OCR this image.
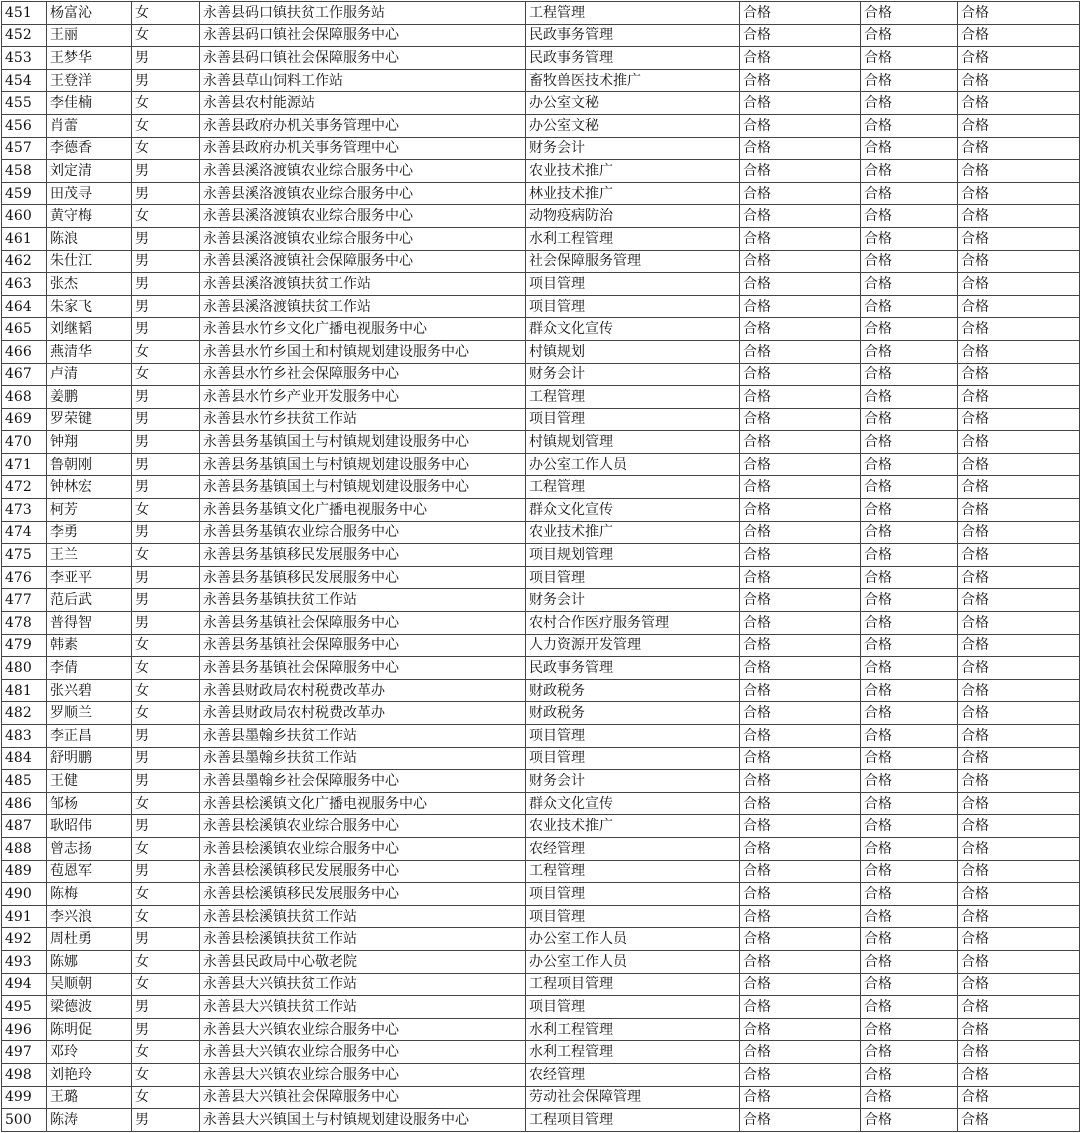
451	杨富沁	女	永善县码口镇扶贫工作服务站	工程管理	合格	合格	合格
452	王丽	女	永善县码口镇社会保障服务中心	民政事务管理	合格	合格	合格
453	王梦华	男	永善县码口镇社会保障服务中心	民政事务管理	合格	合格	合格
454	王登洋	男	永善县草山饲料工作站	畜牧兽医技术推广	合格	合格	合格
455	李佳楠	女	永善县农村能源站	办公室文秘	合格	合格	合格
456	肖蕾	女	永善县政府办机关事务管理中心	办公室文秘	合格	合格	合格
457	李德香	女	永善县政府办机关事务管理中心	财务会计	合格	合格	合格
458	刘定清	男	永善县溪洛渡镇农业综合服务中心	农业技术推广	合格	合格	合格
459	田茂寻	男	永善县溪洛渡镇农业综合服务中心	林业技术推广	合格	合格	合格
460	黄守梅	女	永善县溪洛渡镇农业综合服务中心	动物疫病防治	合格	合格	合格
461	陈浪	男	永善县溪洛渡镇农业综合服务中心	水利工程管理	合格	合格	合格
462	朱仕江	男	永善县溪洛渡镇社会保障服务中心	社会保障服务管理	合格	合格	合格
463	张杰	男	永善县溪洛渡镇扶贫工作站	项目管理	合格	合格	合格
464	朱家飞	男	永善县溪洛渡镇扶贫工作站	项目管理	合格	合格	合格
465	刘继韬	男	永善县水竹乡文化广播电视服务中心	群众文化宣传	合格	合格	合格
466	燕清华	女	永善县水竹乡国土和村镇规划建设服务中心	村镇规划	合格	合格	合格
467	卢清	女	永善县水竹乡社会保障服务中心	财务会计	合格	合格	合格
468	姜鹏	男	永善县水竹乡产业开发服务中心	工程管理	合格	合格	合格
469	罗荣键	男	永善县水竹乡扶贫工作站	项目管理	合格	合格	合格
470	钟翔	男	永善县务基镇国土与村镇规划建设服务中心	村镇规划管理	合格	合格	合格
471	鲁朝刚	男	永善县务基镇国土与村镇规划建设服务中心	办公室工作人员	合格	合格	合格
472	钟林宏	男	永善县务基镇国土与村镇规划建设服务中心	工程管理	合格	合格	合格
473	柯芳	女	永善县务基镇文化广播电视服务中心	群众文化宣传	合格	合格	合格
474	李勇	男	永善县务基镇农业综合服务中心	农业技术推广	合格	合格	合格
475	王兰	女	永善县务基镇移民发展服务中心	项目规划管理	合格	合格	合格
476	李亚平	男	永善县务基镇移民发展服务中心	项目管理	合格	合格	合格
477	范后武	男	永善县务基镇扶贫工作站	财务会计	合格	合格	合格
478	普得智	男	永善县务基镇社会保障服务中心	农村合作医疗服务管理	合格	合格	合格
479	韩素	女	永善县务基镇社会保障服务中心	人力资源开发管理	合格	合格	合格
480	李倩	女	永善县务基镇社会保障服务中心	民政事务管理	合格	合格	合格
481	张兴碧	女	永善县财政局农村税费改革办	财政税务	合格	合格	合格
482	罗顺兰	女	永善县财政局农村税费改革办	财政税务	合格	合格	合格
483	李正昌	男	永善县墨翰乡扶贫工作站	项目管理	合格	合格	合格
484	舒明鹏	男	永善县墨翰乡扶贫工作站	项目管理	合格	合格	合格
485	王健	男	永善县墨翰乡社会保障服务中心	财务会计	合格	合格	合格
486	邹杨	女	永善县桧溪镇文化广播电视服务中心	群众文化宣传	合格	合格	合格
487	耿昭伟	男	永善县桧溪镇农业综合服务中心	农业技术推广	合格	合格	合格
488	曾志扬	女	永善县桧溪镇农业综合服务中心	农经管理	合格	合格	合格
489	苞恩军	男	永善县桧溪镇移民发展服务中心	工程管理	合格	合格	合格
490	陈梅	女	永善县桧溪镇移民发展服务中心	项目管理	合格	合格	合格
491	李兴浪	女	永善县桧溪镇扶贫工作站	项目管理	合格	合格	合格
492	周杜勇	男	永善县桧溪镇扶贫工作站	办公室工作人员	合格	合格	合格
493	陈娜	女	永善县民政局中心敬老院	办公室工作人员	合格	合格	合格
494	吴顺朝	女	永善县大兴镇扶贫工作站	工程项目管理	合格	合格	合格
495	梁德波	男	永善县大兴镇扶贫工作站	项目管理	合格	合格	合格
496	陈明促	男	永善县大兴镇农业综合服务中心	水利工程管理	合格	合格	合格
497	邓玲	女	永善县大兴镇农业综合服务中心	水利工程管理	合格	合格	合格
498	刘艳玲	女	永善县大兴镇农业综合服务中心	农经管理	合格	合格	合格
499	王璐	女	永善县大兴镇社会保障服务中心	劳动社会保障管理	合格	合格	合格
500	陈涛	男	永善县大兴镇国土与村镇规划建设服务中心	工程项目管理	合格	合格	合格
